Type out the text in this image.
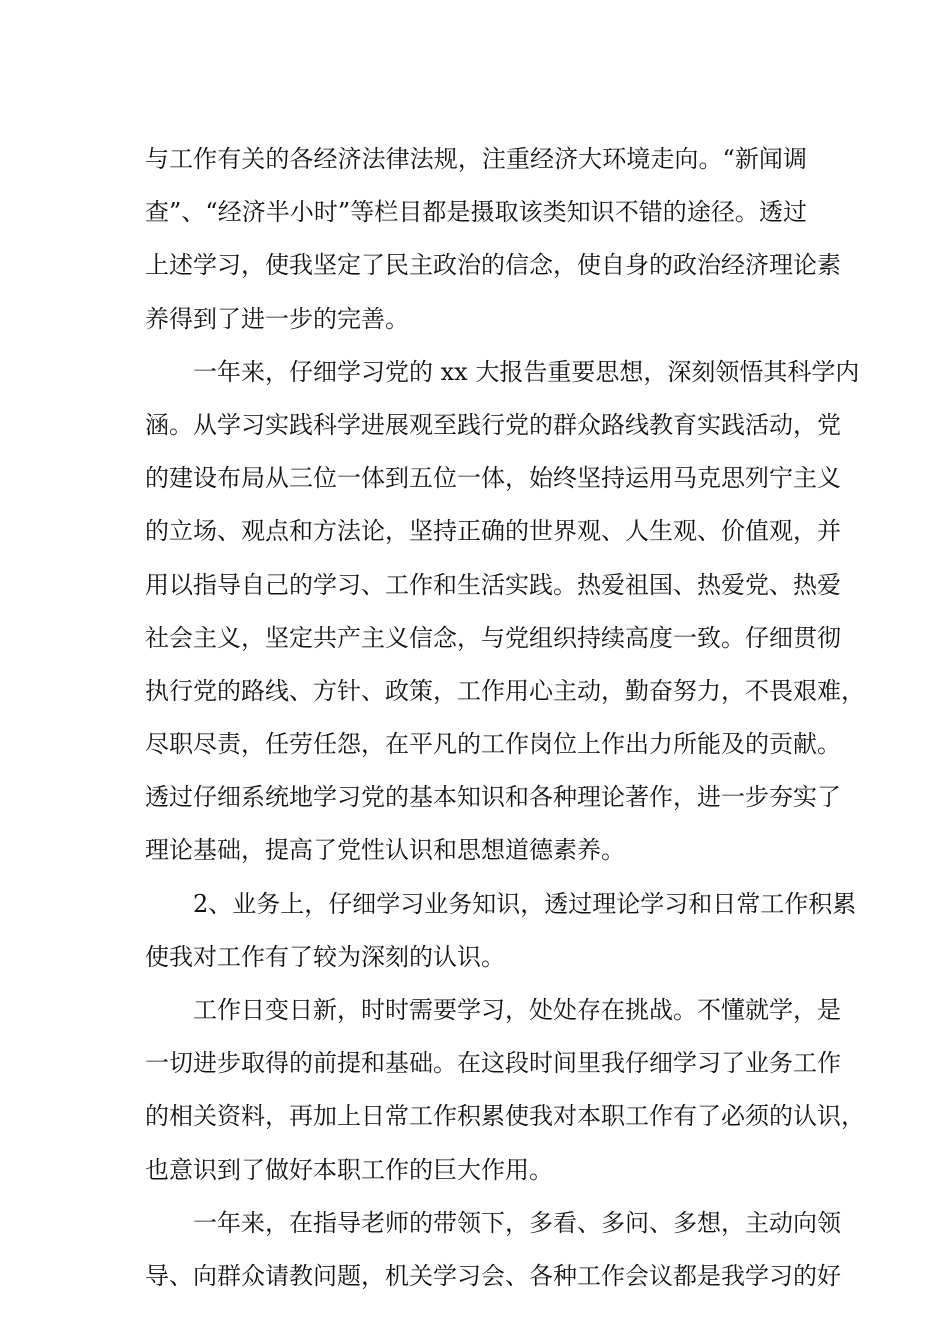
与工作有关的各经济法律法规，注重经济大环境走向。“新闻调
查”、“经济半小时”等栏目都是摄取该类知识不错的途径。透过
上述学习，使我坚定了民主政治的信念，使自身的政治经济理论素
养得到了进一步的完善。
一年来，仔细学习党的 xx 大报告重要思想，深刻领悟其科学内
涵。从学习实践科学进展观至践行党的群众路线教育实践活动，党
的建设布局从三位一体到五位一体，始终坚持运用马克思列宁主义
的立场、观点和方法论，坚持正确的世界观、人生观、价值观，并
用以指导自己的学习、工作和生活实践。热爱祖国、热爱党、热爱
社会主义，坚定共产主义信念，与党组织持续高度一致。仔细贯彻
执行党的路线、方针、政策，工作用心主动，勤奋努力，不畏艰难，
尽职尽责，任劳任怨，在平凡的工作岗位上作出力所能及的贡献。
透过仔细系统地学习党的基本知识和各种理论著作，进一步夯实了
理论基础，提高了党性认识和思想道德素养。
2、业务上，仔细学习业务知识，透过理论学习和日常工作积累
使我对工作有了较为深刻的认识。
工作日变日新，时时需要学习，处处存在挑战。不懂就学，是
一切进步取得的前提和基础。在这段时间里我仔细学习了业务工作
的相关资料，再加上日常工作积累使我对本职工作有了必须的认识，
也意识到了做好本职工作的巨大作用。
一年来，在指导老师的带领下，多看、多问、多想，主动向领
导、向群众请教问题，机关学习会、各种工作会议都是我学习的好
